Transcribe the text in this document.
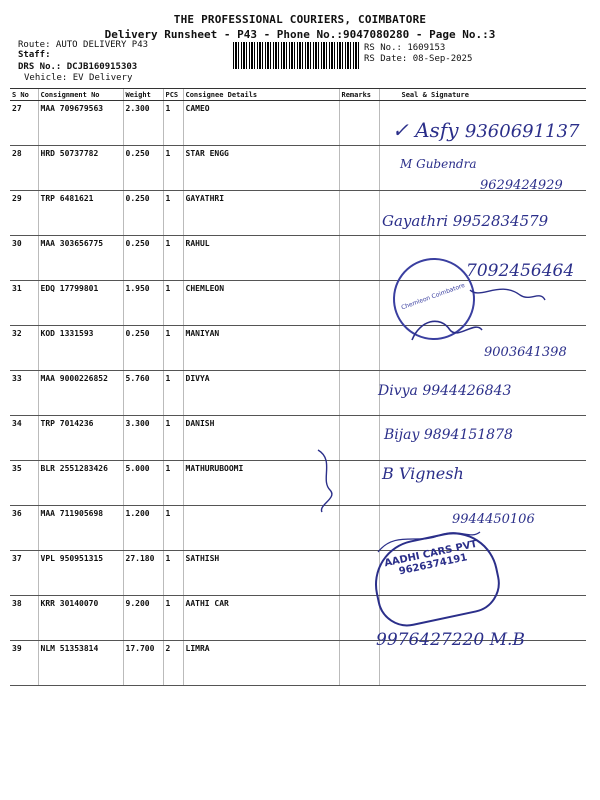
THE PROFESSIONAL COURIERS, COIMBATORE
Delivery Runsheet - P43 - Phone No.:9047080280 - Page No.:3
Route: AUTO DELIVERY P43
Staff:
DRS No.: DCJB160915303
Vehicle: EV Delivery
RS No.: 1609153
RS Date: 08-Sep-2025
S No	Consignment No	Weight	PCS	Consignee Details	Remarks	Seal & Signature
27	MAA 709679563	2.300	1	CAMEO		
28	HRD 50737782	0.250	1	STAR ENGG		
29	TRP 6481621	0.250	1	GAYATHRI		
30	MAA 303656775	0.250	1	RAHUL		
31	EDQ 17799801	1.950	1	CHEMLEON		
32	KOD 1331593	0.250	1	MANIYAN		
33	MAA 9000226852	5.760	1	DIVYA		
34	TRP 7014236	3.300	1	DANISH		
35	BLR 2551283426	5.000	1	MATHURUBOOMI		
36	MAA 711905698	1.200	1			
37	VPL 950951315	27.180	1	SATHISH		
38	KRR 30140070	9.200	1	AATHI CAR		
39	NLM 51353814	17.700	2	LIMRA		
✓ Asfy 9360691137
M Gubendra
9629424929
Gayathri 9952834579
7092456464
9003641398
Divya 9944426843
Bijay 9894151878
B Vignesh
9944450106
9976427220 M.B
Chemleon Coimbatore
AADHI CARS PVT 9626374191
